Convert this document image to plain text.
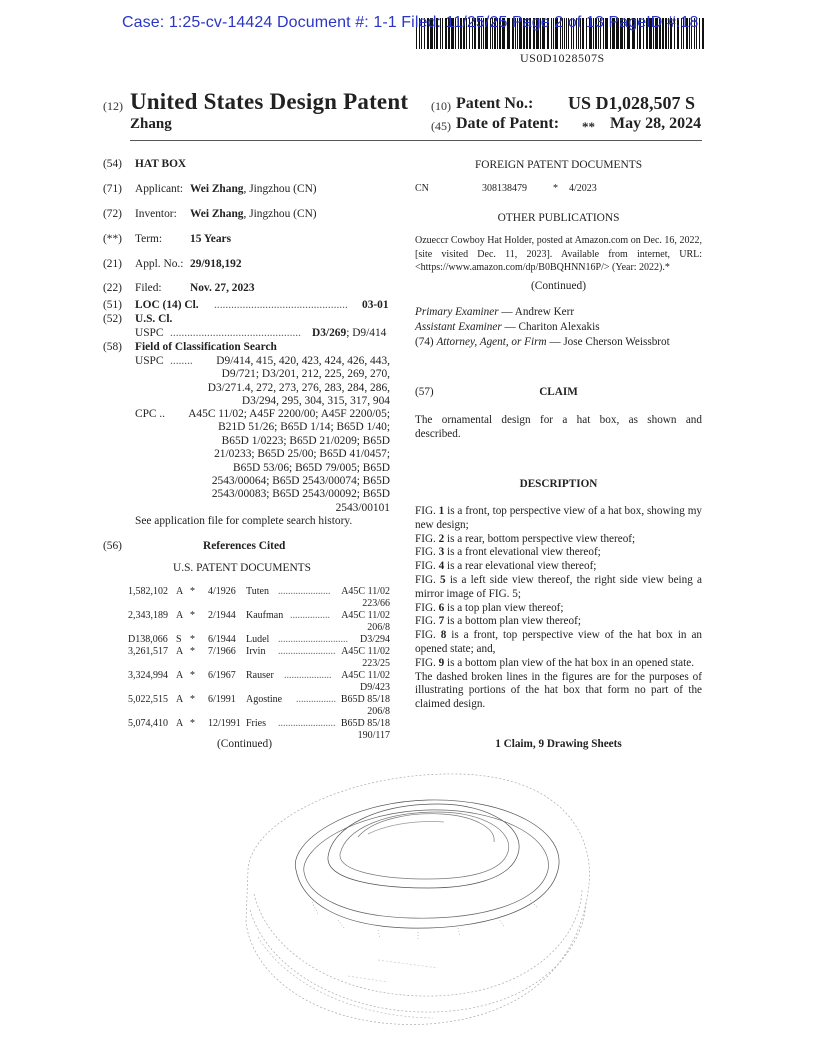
Case: 1:25-cv-14424 Document #: 1-1 Filed: 11/25/25 Page 2 of 13 PageID #:18
US0D1028507S
(12) United States Design Patent
Zhang
(10) Patent No.: US D1,028,507 S
(45) Date of Patent: ** May 28, 2024
(54) HAT BOX
(71) Applicant: Wei Zhang, Jingzhou (CN)
(72) Inventor: Wei Zhang, Jingzhou (CN)
(**) Term: 15 Years
(21) Appl. No.: 29/918,192
(22) Filed: Nov. 27, 2023
(51) LOC (14) Cl. ............................................... 03-01
(52) U.S. Cl.
USPC .............................................. D3/269; D9/414
(58) Field of Classification Search
USPC ........	D9/414, 415, 420, 423, 424, 426, 443,
D9/721; D3/201, 212, 225, 269, 270,
D3/271.4, 272, 273, 276, 283, 284, 286,
D3/294, 295, 304, 315, 317, 904
CPC ..	A45C 11/02; A45F 2200/00; A45F 2200/05;
B21D 51/26; B65D 1/14; B65D 1/40;
B65D 1/0223; B65D 21/0209; B65D
21/0233; B65D 25/00; B65D 41/0457;
B65D 53/06; B65D 79/005; B65D
2543/00064; B65D 2543/00074; B65D
2543/00083; B65D 2543/00092; B65D
2543/00101
See application file for complete search history.
(56)	References Cited
U.S. PATENT DOCUMENTS
1,582,102 A * 4/1926 Tuten .....................	A45C 11/02
223/66
2,343,189 A * 2/1944 Kaufman ................	A45C 11/02
206/8
D138,066 S * 6/1944 Ludel ............................	D3/294
3,261,517 A * 7/1966 Irvin ....................... A45C 11/02
223/25
3,324,994 A * 6/1967 Rauser ................... A45C 11/02
D9/423
5,022,515 A * 6/1991 Agostine ................ B65D 85/18
206/8
5,074,410 A * 12/1991 Fries ....................... B65D 85/18
190/117
(Continued)
FOREIGN PATENT DOCUMENTS
CN	308138479	* 4/2023
OTHER PUBLICATIONS
Ozueccr Cowboy Hat Holder, posted at Amazon.com on Dec. 16, 2022, [site visited Dec. 11, 2023]. Available from internet, URL: <https://www.amazon.com/dp/B0BQHNN16P/> (Year: 2022).*
(Continued)
Primary Examiner — Andrew Kerr
Assistant Examiner — Chariton Alexakis
(74) Attorney, Agent, or Firm — Jose Cherson Weissbrot
(57)	CLAIM
The ornamental design for a hat box, as shown and described.
DESCRIPTION
FIG. 1 is a front, top perspective view of a hat box, showing my new design;
FIG. 2 is a rear, bottom perspective view thereof;
FIG. 3 is a front elevational view thereof;
FIG. 4 is a rear elevational view thereof;
FIG. 5 is a left side view thereof, the right side view being a mirror image of FIG. 5;
FIG. 6 is a top plan view thereof;
FIG. 7 is a bottom plan view thereof;
FIG. 8 is a front, top perspective view of the hat box in an opened state; and,
FIG. 9 is a bottom plan view of the hat box in an opened state.
The dashed broken lines in the figures are for the purposes of illustrating portions of the hat box that form no part of the claimed design.
1 Claim, 9 Drawing Sheets
